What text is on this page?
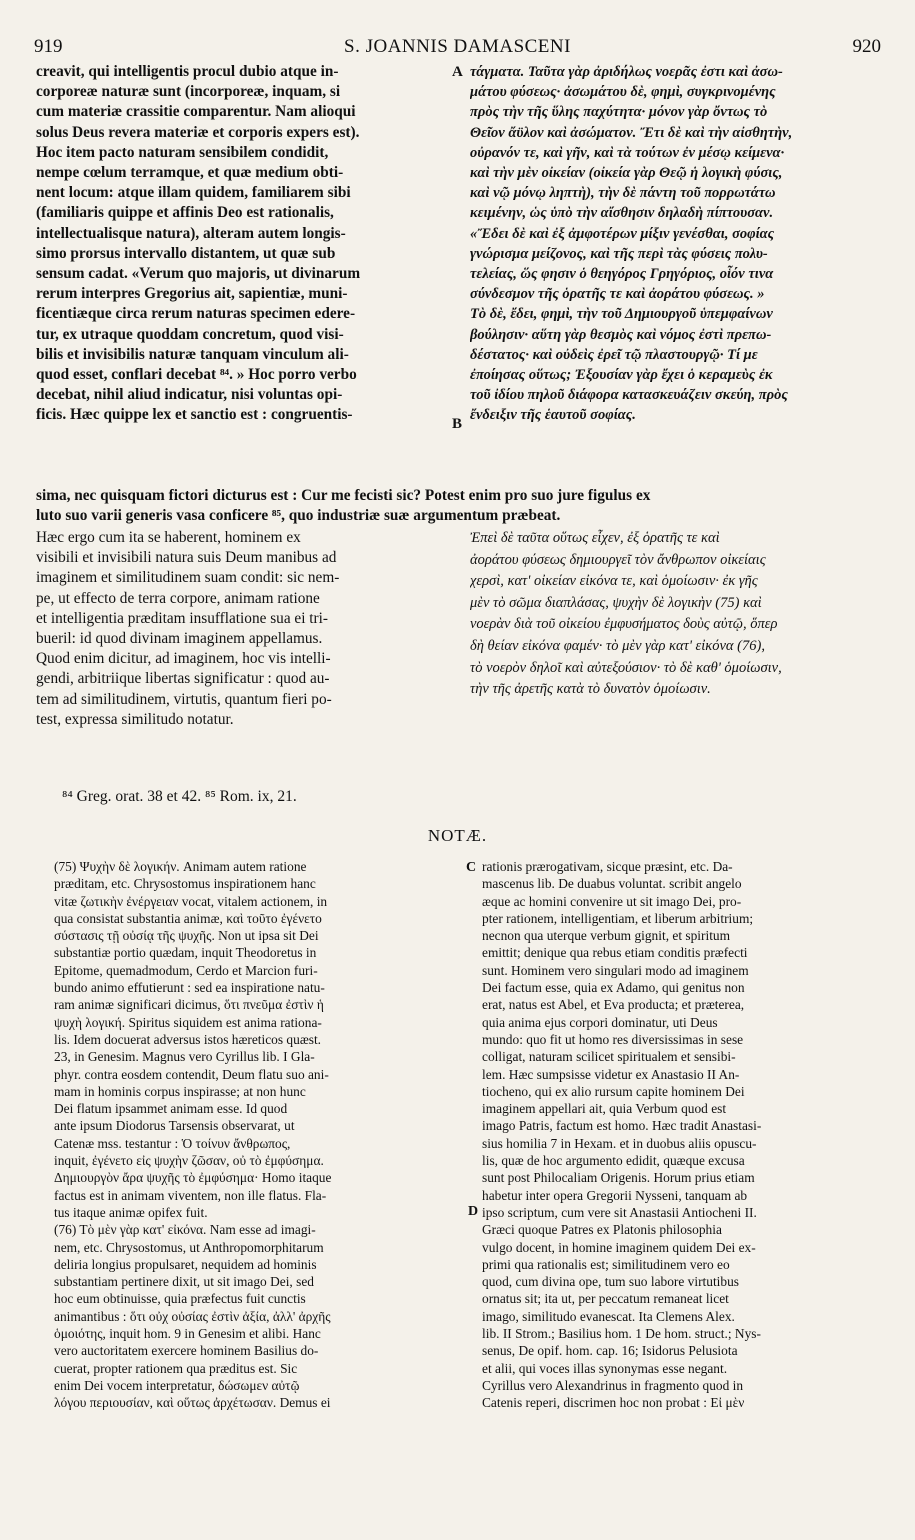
919	S. JOANNIS DAMASCENI	920
creavit, qui intelligentis procul dubio atque in-
corporeæ naturæ sunt (incorporeæ, inquam, si
cum materiæ crassitie comparentur. Nam alioqui
solus Deus revera materiæ et corporis expers est).
Hoc item pacto naturam sensibilem condidit,
nempe cœlum terramque, et quæ medium obti-
nent locum: atque illam quidem, familiarem sibi
(familiaris quippe et affinis Deo est rationalis,
intellectualisque natura), alteram autem longis-
simo prorsus intervallo distantem, ut quæ sub
sensum cadat. «Verum quo majoris, ut divinarum
rerum interpres Gregorius ait, sapientiæ, muni-
ficentiæque circa rerum naturas specimen edere-
tur, ex utraque quoddam concretum, quod visi-
bilis et invisibilis naturæ tanquam vinculum ali-
quod esset, conflari decebat ⁸⁴. » Hoc porro verbo
decebat, nihil aliud indicatur, nisi voluntas opi-
ficis. Hæc quippe lex et sanctio est : congruentis-
τάγματα. Ταῦτα γὰρ ἀριδήλως νοερᾶς ἐστι καὶ ἀσω-
μάτου φύσεως· ἀσωμάτου δὲ, φημὶ, συγκρινομένης
πρὸς τὴν τῆς ὕλης παχύτητα· μόνον γὰρ ὄντως τὸ
Θεῖον ἄϋλον καὶ ἀσώματον. Ἔτι δὲ καὶ τὴν αἰσθητὴν,
οὐρανόν τε, καὶ γῆν, καὶ τὰ τούτων ἐν μέσῳ κείμενα·
καὶ τὴν μὲν οἰκείαν (οἰκεία γὰρ Θεῷ ἡ λογικὴ φύσις,
καὶ νῷ μόνῳ ληπτὴ), τὴν δὲ πάντη τοῦ πορρωτάτω
κειμένην, ὡς ὑπὸ τὴν αἴσθησιν δηλαδὴ πίπτουσαν.
«Ἔδει δὲ καὶ ἐξ ἀμφοτέρων μίξιν γενέσθαι, σοφίας
γνώρισμα μείζονος, καὶ τῆς περὶ τὰς φύσεις πολυ-
τελείας, ὥς φησιν ὁ θεηγόρος Γρηγόριος, οἷόν τινα
σύνδεσμον τῆς ὁρατῆς τε καὶ ἀοράτου φύσεως. »
Τὸ δὲ, ἔδει, φημὶ, τὴν τοῦ Δημιουργοῦ ὑπεμφαίνων
βούλησιν· αὕτη γὰρ θεσμὸς καὶ νόμος ἐστὶ πρεπω-
δέστατος· καὶ οὐδεὶς ἐρεῖ τῷ πλαστουργῷ· Τί με
ἐποίησας οὕτως; Ἐξουσίαν γὰρ ἔχει ὁ κεραμεὺς ἐκ
τοῦ ἰδίου πηλοῦ διάφορα κατασκευάζειν σκεύη, πρὸς
ἔνδειξιν τῆς ἑαυτοῦ σοφίας.
A
B
sima, nec quisquam fictori dicturus est : Cur me fecisti sic? Potest enim pro suo jure figulus ex
luto suo varii generis vasa conficere ⁸⁵, quo industriæ suæ argumentum præbeat.
Hæc ergo cum ita se haberent, hominem ex
visibili et invisibili natura suis Deum manibus ad
imaginem et similitudinem suam condit: sic nem-
pe, ut effecto de terra corpore, animam ratione
et intelligentia præditam insufflatione sua ei tri-
bueril: id quod divinam imaginem appellamus.
Quod enim dicitur, ad imaginem, hoc vis intelli-
gendi, arbitriique libertas significatur : quod au-
tem ad similitudinem, virtutis, quantum fieri po-
test, expressa similitudo notatur.
Ἐπεὶ δὲ ταῦτα οὕτως εἶχεν, ἐξ ὁρατῆς τε καὶ
ἀοράτου φύσεως δημιουργεῖ τὸν ἄνθρωπον οἰκείαις
χερσὶ, κατ' οἰκείαν εἰκόνα τε, καὶ ὁμοίωσιν· ἐκ γῆς
μὲν τὸ σῶμα διαπλάσας, ψυχὴν δὲ λογικὴν (75) καὶ
νοερὰν διὰ τοῦ οἰκείου ἐμφυσήματος δοὺς αὐτῷ, ὅπερ
δὴ θείαν εἰκόνα φαμέν· τὸ μὲν γὰρ κατ' εἰκόνα (76),
τὸ νοερὸν δηλοῖ καὶ αὐτεξούσιον· τὸ δὲ καθ' ὁμοίωσιν,
τὴν τῆς ἀρετῆς κατὰ τὸ δυνατὸν ὁμοίωσιν.
⁸⁴ Greg. orat. 38 et 42. ⁸⁵ Rom. ix, 21.
NOTÆ.
C
D
(75) Ψυχὴν δὲ λογικήν. Animam autem ratione
præditam, etc. Chrysostomus inspirationem hanc
vitæ ζωτικὴν ἐνέργειαν vocat, vitalem actionem, in
qua consistat substantia animæ, καὶ τοῦτο ἐγένετο
σύστασις τῇ οὐσίᾳ τῆς ψυχῆς. Non ut ipsa sit Dei
substantiæ portio quædam, inquit Theodoretus in
Epitome, quemadmodum, Cerdo et Marcion furi-
bundo animo effutierunt : sed ea inspiratione natu-
ram animæ significari dicimus, ὅτι πνεῦμα ἐστὶν ἡ
ψυχὴ λογική. Spiritus siquidem est anima rationa-
lis. Idem docuerat adversus istos hæreticos quæst.
23, in Genesim. Magnus vero Cyrillus lib. I Gla-
phyr. contra eosdem contendit, Deum flatu suo ani-
mam in hominis corpus inspirasse; at non hunc
Dei flatum ipsammet animam esse. Id quod
ante ipsum Diodorus Tarsensis observarat, ut
Catenæ mss. testantur : Ὁ τοίνυν ἄνθρωπος,
inquit, ἐγένετο εἰς ψυχὴν ζῶσαν, οὐ τὸ ἐμφύσημα.
Δημιουργὸν ἄρα ψυχῆς τὸ ἐμφύσημα· Homo itaque
factus est in animam viventem, non ille flatus. Fla-
tus itaque animæ opifex fuit.
(76) Τὸ μὲν γὰρ κατ' εἰκόνα. Nam esse ad imagi-
nem, etc. Chrysostomus, ut Anthropomorphitarum
deliria longius propulsaret, nequidem ad hominis
substantiam pertinere dixit, ut sit imago Dei, sed
hoc eum obtinuisse, quia præfectus fuit cunctis
animantibus : ὅτι οὐχ οὐσίας ἐστὶν ἀξία, ἀλλ' ἀρχῆς
ὁμοιότης, inquit hom. 9 in Genesim et alibi. Hanc
vero auctoritatem exercere hominem Basilius do-
cuerat, propter rationem qua præditus est. Sic
enim Dei vocem interpretatur, δώσωμεν αὐτῷ
λόγου περιουσίαν, καὶ οὕτως ἀρχέτωσαν. Demus ei
rationis prærogativam, sicque præsint, etc. Da-
mascenus lib. De duabus voluntat. scribit angelo
æque ac homini convenire ut sit imago Dei, pro-
pter rationem, intelligentiam, et liberum arbitrium;
necnon qua uterque verbum gignit, et spiritum
emittit; denique qua rebus etiam conditis præfecti
sunt. Hominem vero singulari modo ad imaginem
Dei factum esse, quia ex Adamo, qui genitus non
erat, natus est Abel, et Eva producta; et præterea,
quia anima ejus corpori dominatur, uti Deus
mundo: quo fit ut homo res diversissimas in sese
colligat, naturam scilicet spiritualem et sensibi-
lem. Hæc sumpsisse videtur ex Anastasio II An-
tiocheno, qui ex alio rursum capite hominem Dei
imaginem appellari ait, quia Verbum quod est
imago Patris, factum est homo. Hæc tradit Anastasi-
sius homilia 7 in Hexam. et in duobus aliis opuscu-
lis, quæ de hoc argumento edidit, quæque excusa
sunt post Philocaliam Origenis. Horum prius etiam
habetur inter opera Gregorii Nysseni, tanquam ab
ipso scriptum, cum vere sit Anastasii Antiocheni II.
Græci quoque Patres ex Platonis philosophia
vulgo docent, in homine imaginem quidem Dei ex-
primi qua rationalis est; similitudinem vero eo
quod, cum divina ope, tum suo labore virtutibus
ornatus sit; ita ut, per peccatum remaneat licet
imago, similitudo evanescat. Ita Clemens Alex.
lib. II Strom.; Basilius hom. 1 De hom. struct.; Nys-
senus, De opif. hom. cap. 16; Isidorus Pelusiota
et alii, qui voces illas synonymas esse negant.
Cyrillus vero Alexandrinus in fragmento quod in
Catenis reperi, discrimen hoc non probat : Εἰ μὲν
